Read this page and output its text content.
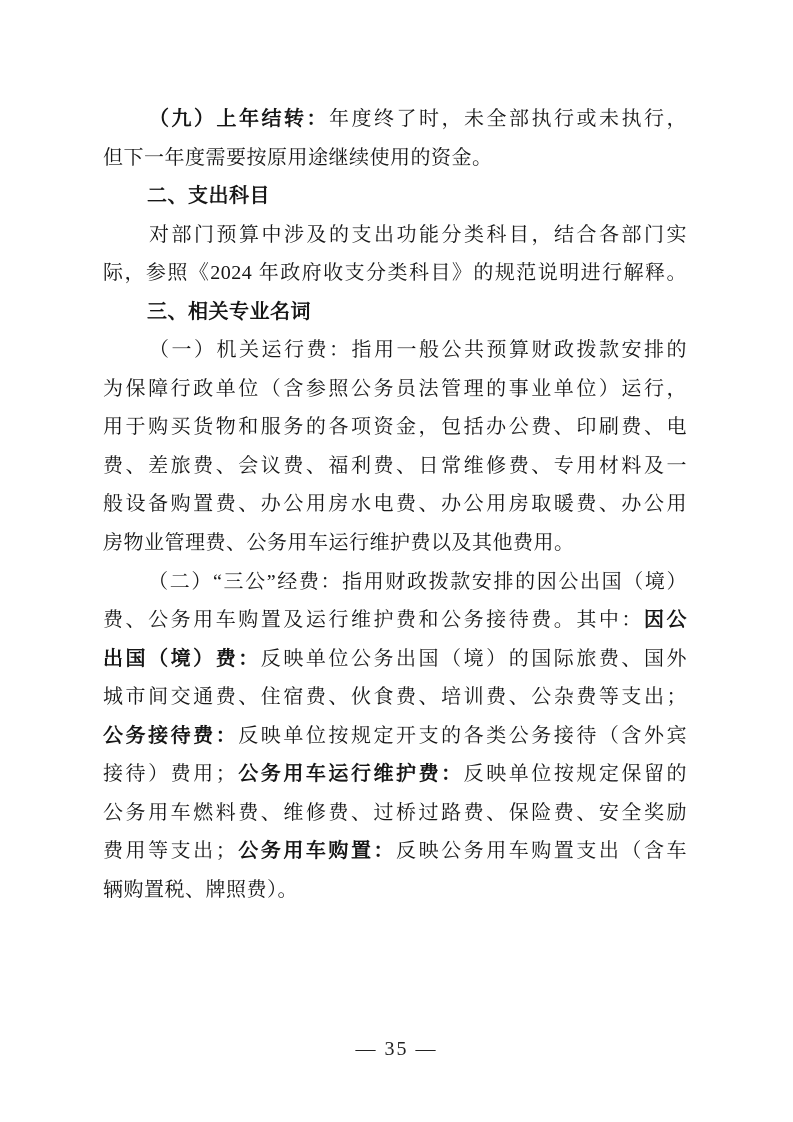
（九）上年结转：年度终了时，未全部执行或未执行，
但下一年度需要按原用途继续使用的资金。
二、支出科目
对部门预算中涉及的支出功能分类科目，结合各部门实
际，参照《2024 年政府收支分类科目》的规范说明进行解释。
三、相关专业名词
（一）机关运行费：指用一般公共预算财政拨款安排的
为保障行政单位（含参照公务员法管理的事业单位）运行，
用于购买货物和服务的各项资金，包括办公费、印刷费、电
费、差旅费、会议费、福利费、日常维修费、专用材料及一
般设备购置费、办公用房水电费、办公用房取暖费、办公用
房物业管理费、公务用车运行维护费以及其他费用。
（二）“三公”经费：指用财政拨款安排的因公出国（境）
费、公务用车购置及运行维护费和公务接待费。其中：因公
出国（境）费：反映单位公务出国（境）的国际旅费、国外
城市间交通费、住宿费、伙食费、培训费、公杂费等支出；
公务接待费：反映单位按规定开支的各类公务接待（含外宾
接待）费用；公务用车运行维护费：反映单位按规定保留的
公务用车燃料费、维修费、过桥过路费、保险费、安全奖励
费用等支出；公务用车购置：反映公务用车购置支出（含车
辆购置税、牌照费）。
— 35 —
